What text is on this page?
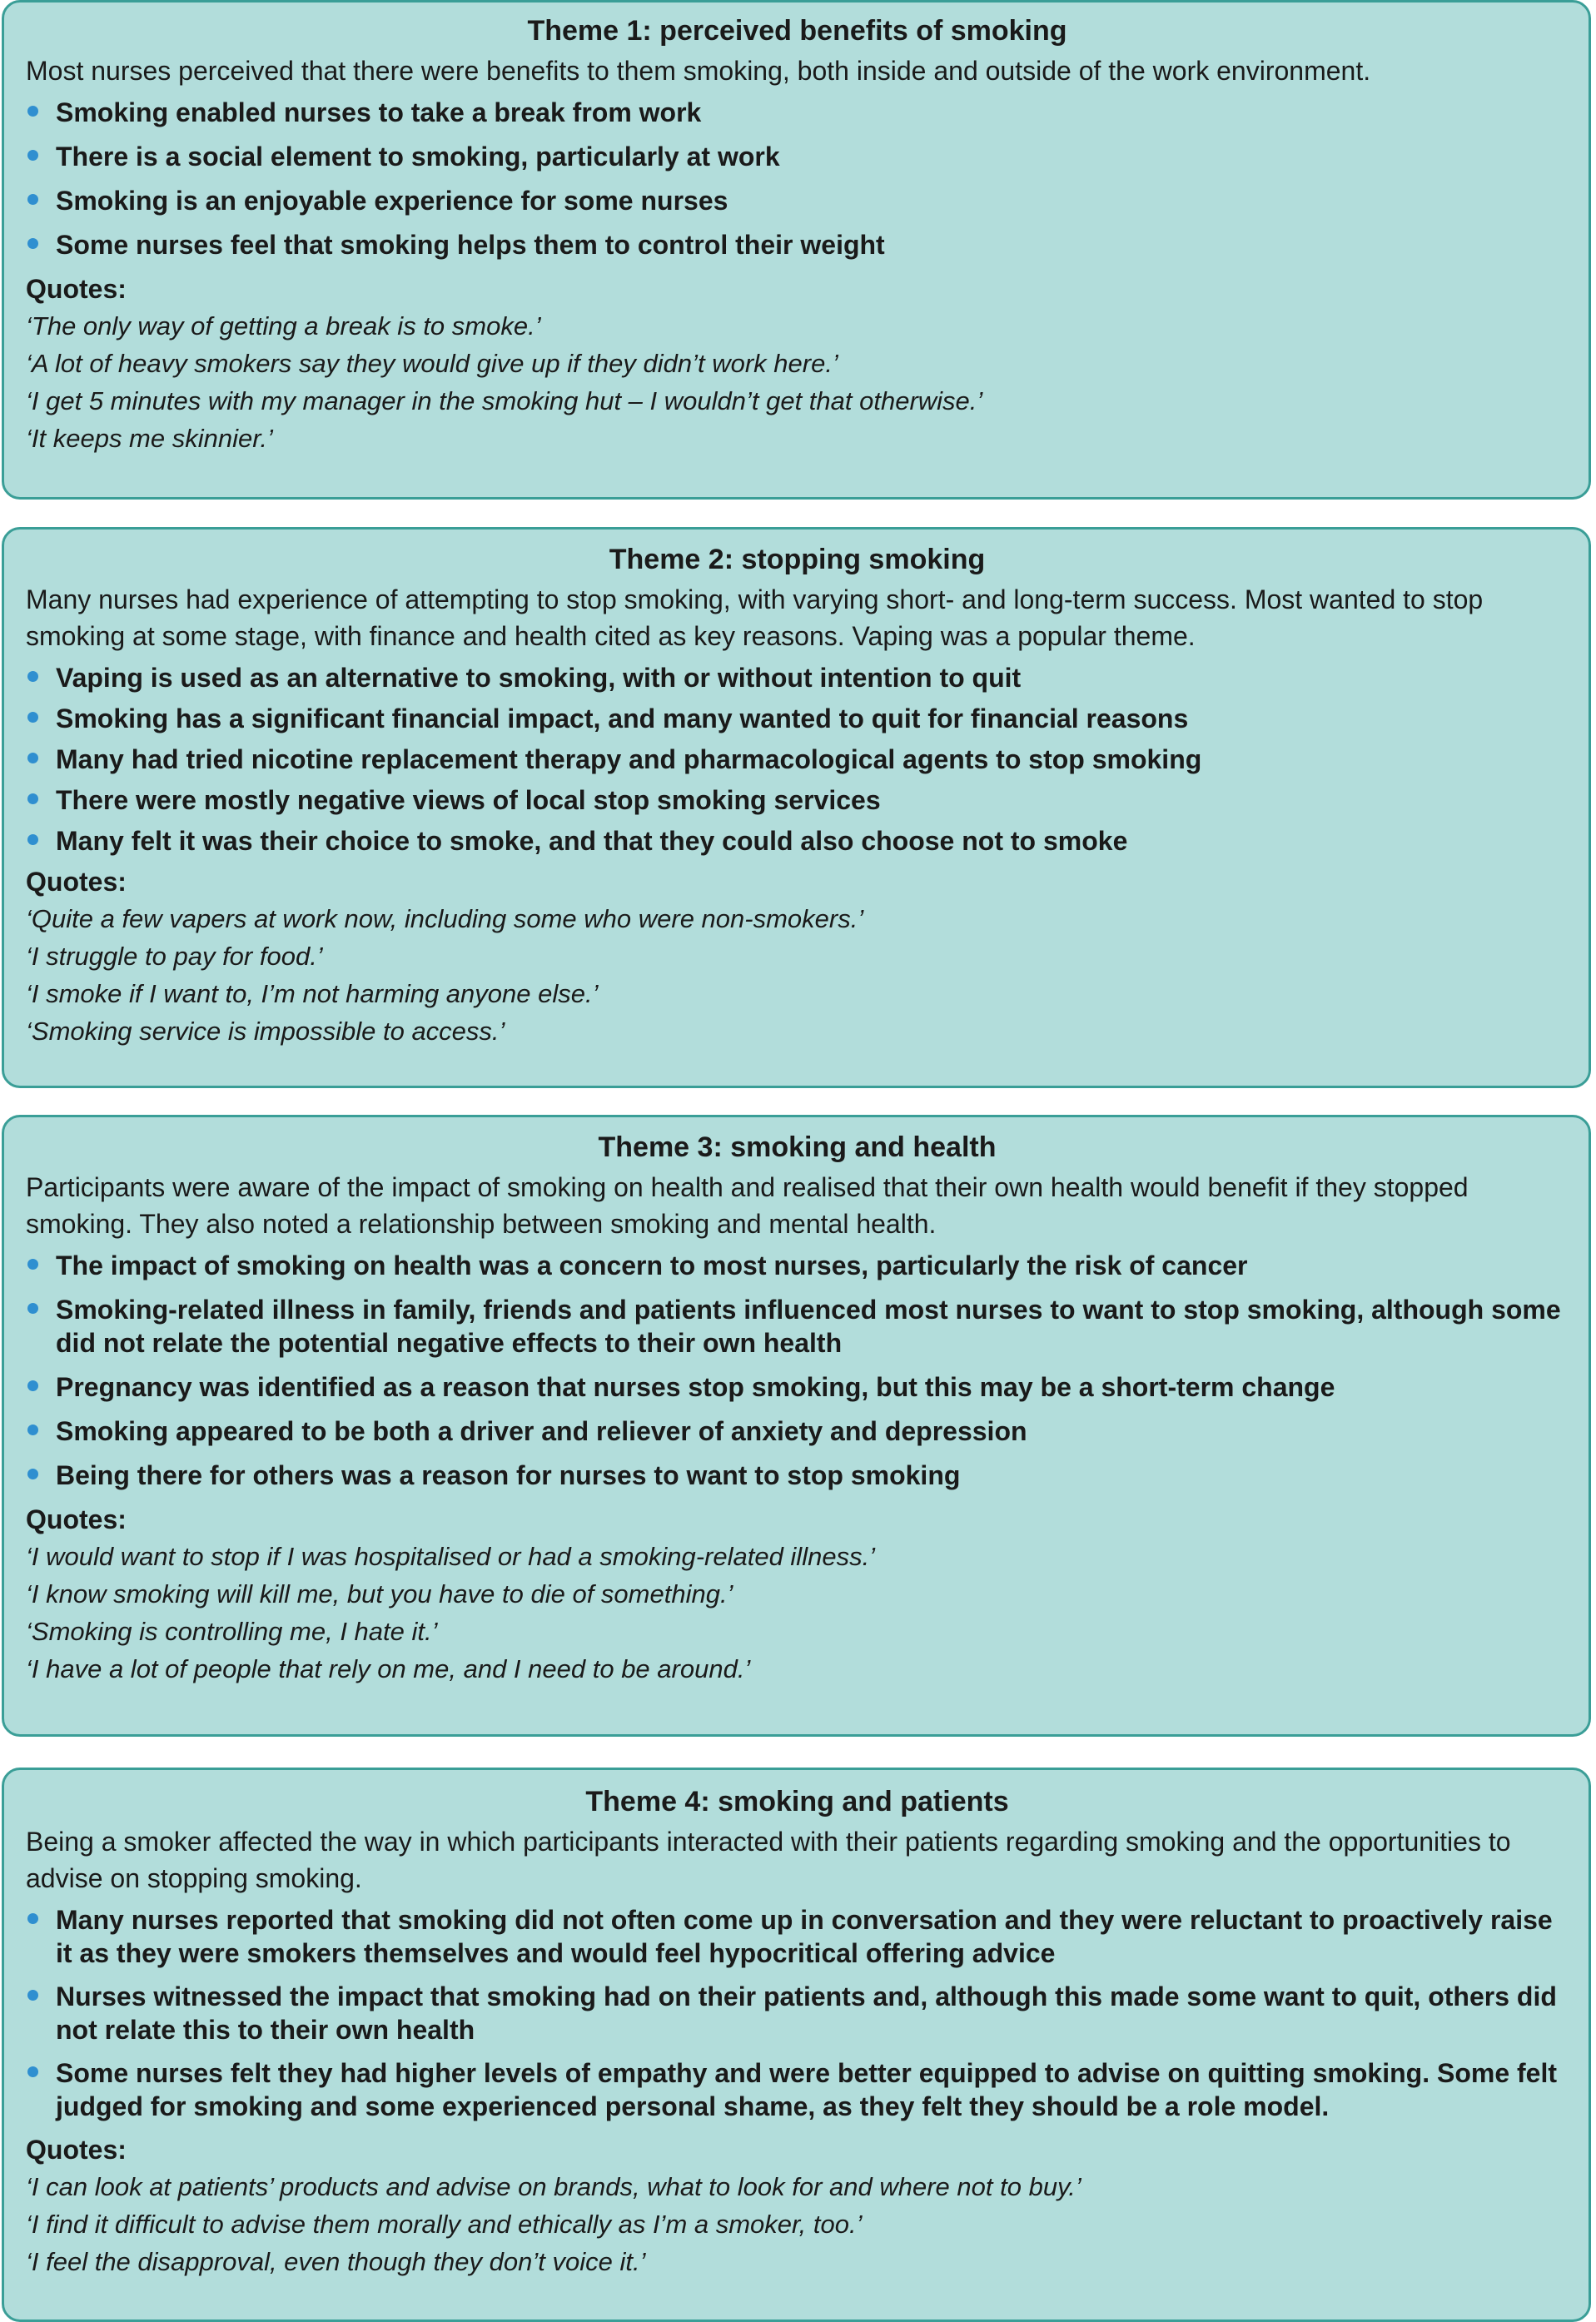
Theme 1: perceived benefits of smoking

Most nurses perceived that there were benefits to them smoking, both inside and outside of the work environment.

Smoking enabled nurses to take a break from work
There is a social element to smoking, particularly at work
Smoking is an enjoyable experience for some nurses
Some nurses feel that smoking helps them to control their weight
Quotes:

‘The only way of getting a break is to smoke.’

‘A lot of heavy smokers say they would give up if they didn’t work here.’

‘I get 5 minutes with my manager in the smoking hut – I wouldn’t get that otherwise.’

‘It keeps me skinnier.’

Theme 2: stopping smoking

Many nurses had experience of attempting to stop smoking, with varying short- and long-term success. Most wanted to stop smoking at some stage, with finance and health cited as key reasons. Vaping was a popular theme.

Vaping is used as an alternative to smoking, with or without intention to quit
Smoking has a significant financial impact, and many wanted to quit for financial reasons
Many had tried nicotine replacement therapy and pharmacological agents to stop smoking
There were mostly negative views of local stop smoking services
Many felt it was their choice to smoke, and that they could also choose not to smoke
Quotes:

‘Quite a few vapers at work now, including some who were non-smokers.’

‘I struggle to pay for food.’

‘I smoke if I want to, I’m not harming anyone else.’

‘Smoking service is impossible to access.’

Theme 3: smoking and health

Participants were aware of the impact of smoking on health and realised that their own health would benefit if they stopped smoking. They also noted a relationship between smoking and mental health.

The impact of smoking on health was a concern to most nurses, particularly the risk of cancer
Smoking-related illness in family, friends and patients influenced most nurses to want to stop smoking, although some did not relate the potential negative effects to their own health
Pregnancy was identified as a reason that nurses stop smoking, but this may be a short-term change
Smoking appeared to be both a driver and reliever of anxiety and depression
Being there for others was a reason for nurses to want to stop smoking
Quotes:

‘I would want to stop if I was hospitalised or had a smoking-related illness.’

‘I know smoking will kill me, but you have to die of something.’

‘Smoking is controlling me, I hate it.’

‘I have a lot of people that rely on me, and I need to be around.’

Theme 4: smoking and patients

Being a smoker affected the way in which participants interacted with their patients regarding smoking and the opportunities to advise on stopping smoking.

Many nurses reported that smoking did not often come up in conversation and they were reluctant to proactively raise it as they were smokers themselves and would feel hypocritical offering advice
Nurses witnessed the impact that smoking had on their patients and, although this made some want to quit, others did not relate this to their own health
Some nurses felt they had higher levels of empathy and were better equipped to advise on quitting smoking. Some felt judged for smoking and some experienced personal shame, as they felt they should be a role model.
Quotes:

‘I can look at patients’ products and advise on brands, what to look for and where not to buy.’

‘I find it difficult to advise them morally and ethically as I’m a smoker, too.’

‘I feel the disapproval, even though they don’t voice it.’
